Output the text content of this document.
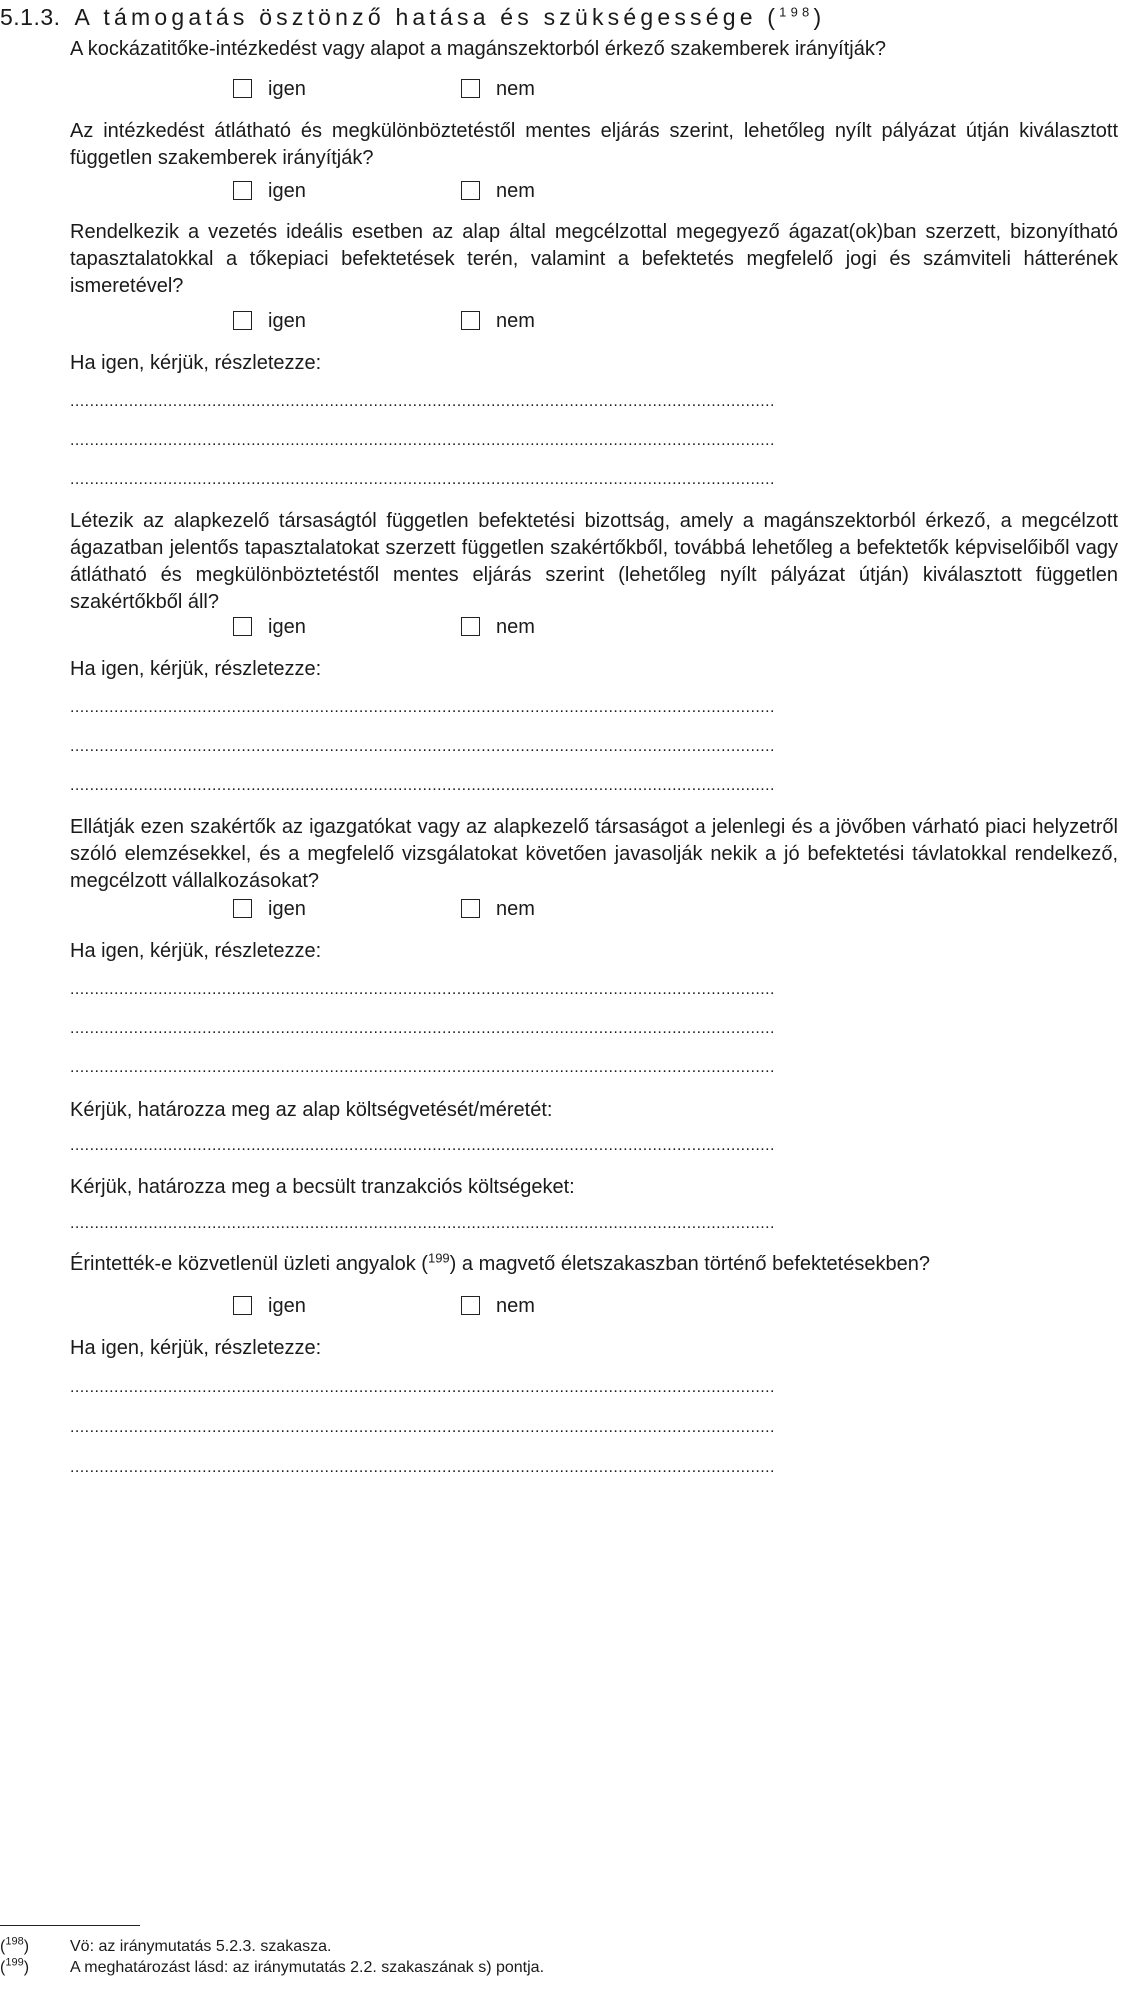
5.1.3. A támogatás ösztönző hatása és szükségessége ($^{198}$)
A kockázatitőke-intézkedést vagy alapot a magánszektorból érkező szakemberek irányítják?
igen	nem
Az intézkedést átlátható és megkülönböztetéstől mentes eljárás szerint, lehetőleg nyílt pályázat útján kiválasztott független szakemberek irányítják?
igen	nem
Rendelkezik a vezetés ideális esetben az alap által megcélzottal megegyező ágazat(ok)ban szerzett, bizonyítható tapasztalatokkal a tőkepiaci befektetések terén, valamint a befektetés megfelelő jogi és számviteli hátterének ismeretével?
igen	nem
Ha igen, kérjük, részletezze:
................................................................................................................................................
................................................................................................................................................
................................................................................................................................................
Létezik az alapkezelő társaságtól független befektetési bizottság, amely a magánszektorból érkező, a megcélzott ágazatban jelentős tapasztalatokat szerzett független szakértőkből, továbbá lehetőleg a befektetők képviselőiből vagy átlátható és megkülönböztetéstől mentes eljárás szerint (lehetőleg nyílt pályázat útján) kiválasztott független szakértőkből áll?
igen	nem
Ha igen, kérjük, részletezze:
................................................................................................................................................
................................................................................................................................................
................................................................................................................................................
Ellátják ezen szakértők az igazgatókat vagy az alapkezelő társaságot a jelenlegi és a jövőben várható piaci helyzetről szóló elemzésekkel, és a megfelelő vizsgálatokat követően javasolják nekik a jó befektetési távlatokkal rendelkező, megcélzott vállalkozásokat?
igen	nem
Ha igen, kérjük, részletezze:
................................................................................................................................................
................................................................................................................................................
................................................................................................................................................
Kérjük, határozza meg az alap költségvetését/méretét:
................................................................................................................................................
Kérjük, határozza meg a becsült tranzakciós költségeket:
................................................................................................................................................
Érintették-e közvetlenül üzleti angyalok ($^{199}$) a magvető életszakaszban történő befektetésekben?
igen	nem
Ha igen, kérjük, részletezze:
................................................................................................................................................
................................................................................................................................................
................................................................................................................................................
($^{198}$)	Vö: az iránymutatás 5.2.3. szakasza.
($^{199}$)	A meghatározást lásd: az iránymutatás 2.2. szakaszának s) pontja.
